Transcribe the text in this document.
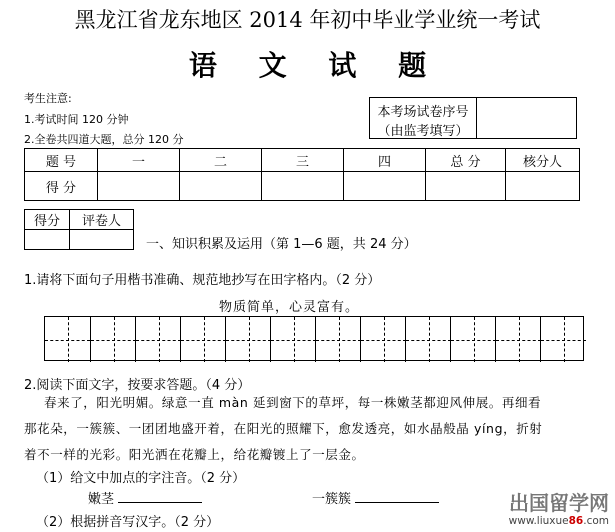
黑龙江省龙东地区 2014 年初中毕业学业统一考试
语 文 试 题
考生注意:
1.考试时间 120 分钟
2.全卷共四道大题，总分 120 分
本考场试卷序号
（由监考填写）
题 号	一	二	三	四	总 分	核分人
得 分						
得分	评卷人

一、知识积累及运用（第 1—6 题，共 24 分）
1.请将下面句子用楷书准确、规范地抄写在田字格内。（2 分）
物质简单，心灵富有。
2.阅读下面文字，按要求答题。（4 分）
春来了，阳光明媚。绿意一直 màn 延到窗下的草坪，每一株嫩茎都迎风伸展。再细看
那花朵，一簇簇、一团团地盛开着，在阳光的照耀下，愈发透亮，如水晶般晶 yíng，折射
着不一样的光彩。阳光洒在花瓣上，给花瓣镀上了一层金。
（1）给文中加点的字注音。（2 分）
嫩茎	一簇簇
（2）根据拼音写汉字。（2 分）
出国留学网
www.liuxue86.com
